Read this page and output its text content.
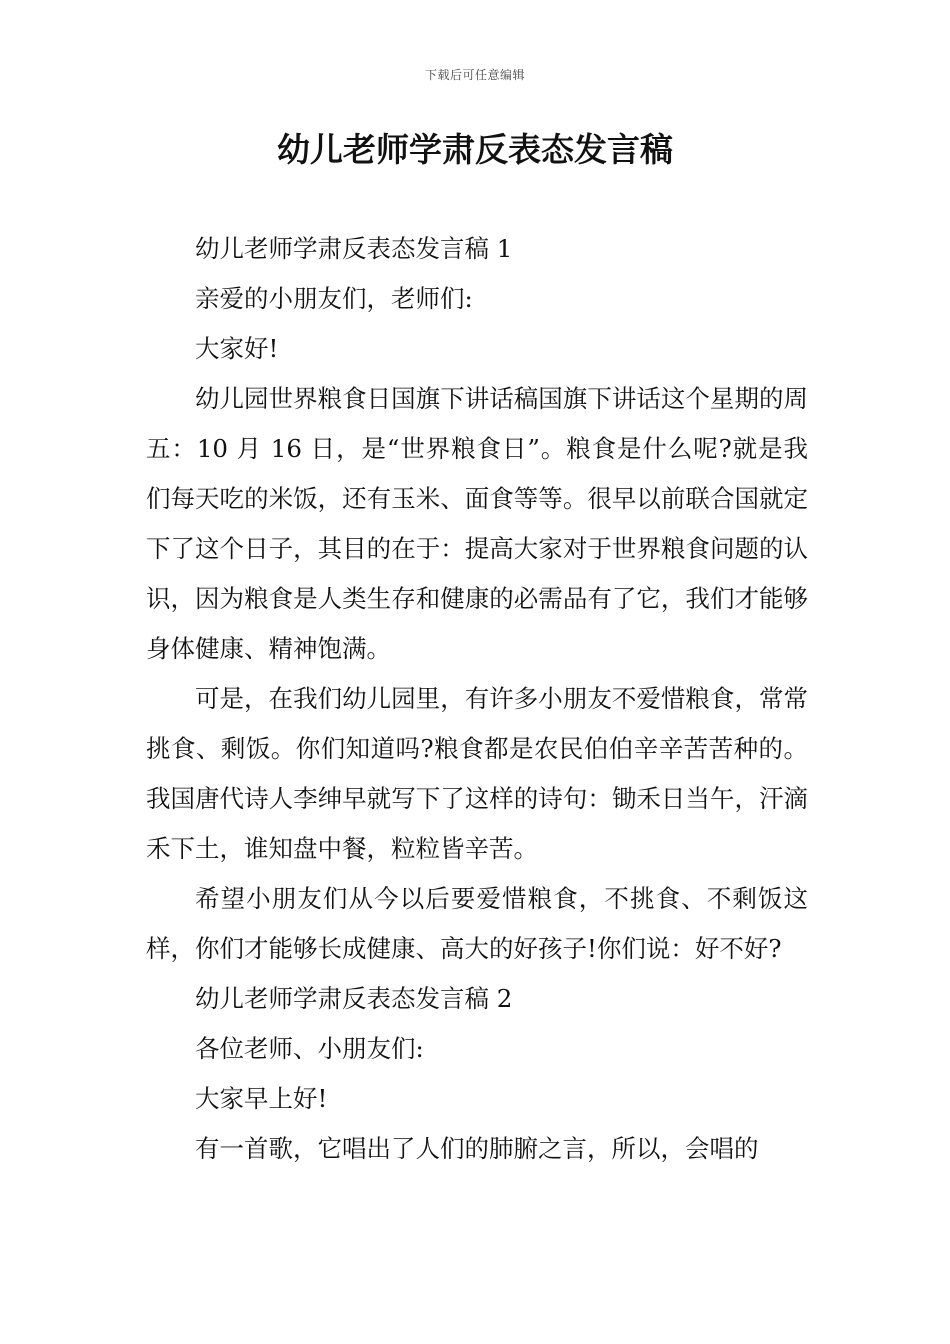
下载后可任意编辑
幼儿老师学肃反表态发言稿

幼儿老师学肃反表态发言稿 1

亲爱的小朋友们，老师们:

大家好!

幼儿园世界粮食日国旗下讲话稿国旗下讲话这个星期的周五：10 月 16 日，是“世界粮食日”。粮食是什么呢?就是我们每天吃的米饭，还有玉米、面食等等。很早以前联合国就定下了这个日子，其目的在于：提高大家对于世界粮食问题的认识，因为粮食是人类生存和健康的必需品有了它，我们才能够身体健康、精神饱满。

可是，在我们幼儿园里，有许多小朋友不爱惜粮食，常常挑食、剩饭。你们知道吗?粮食都是农民伯伯辛辛苦苦种的。我国唐代诗人李绅早就写下了这样的诗句：锄禾日当午，汗滴禾下土，谁知盘中餐，粒粒皆辛苦。

希望小朋友们从今以后要爱惜粮食，不挑食、不剩饭这样，你们才能够长成健康、高大的好孩子!你们说：好不好?

幼儿老师学肃反表态发言稿 2

各位老师、小朋友们:

大家早上好!

有一首歌，它唱出了人们的肺腑之言，所以，会唱的
